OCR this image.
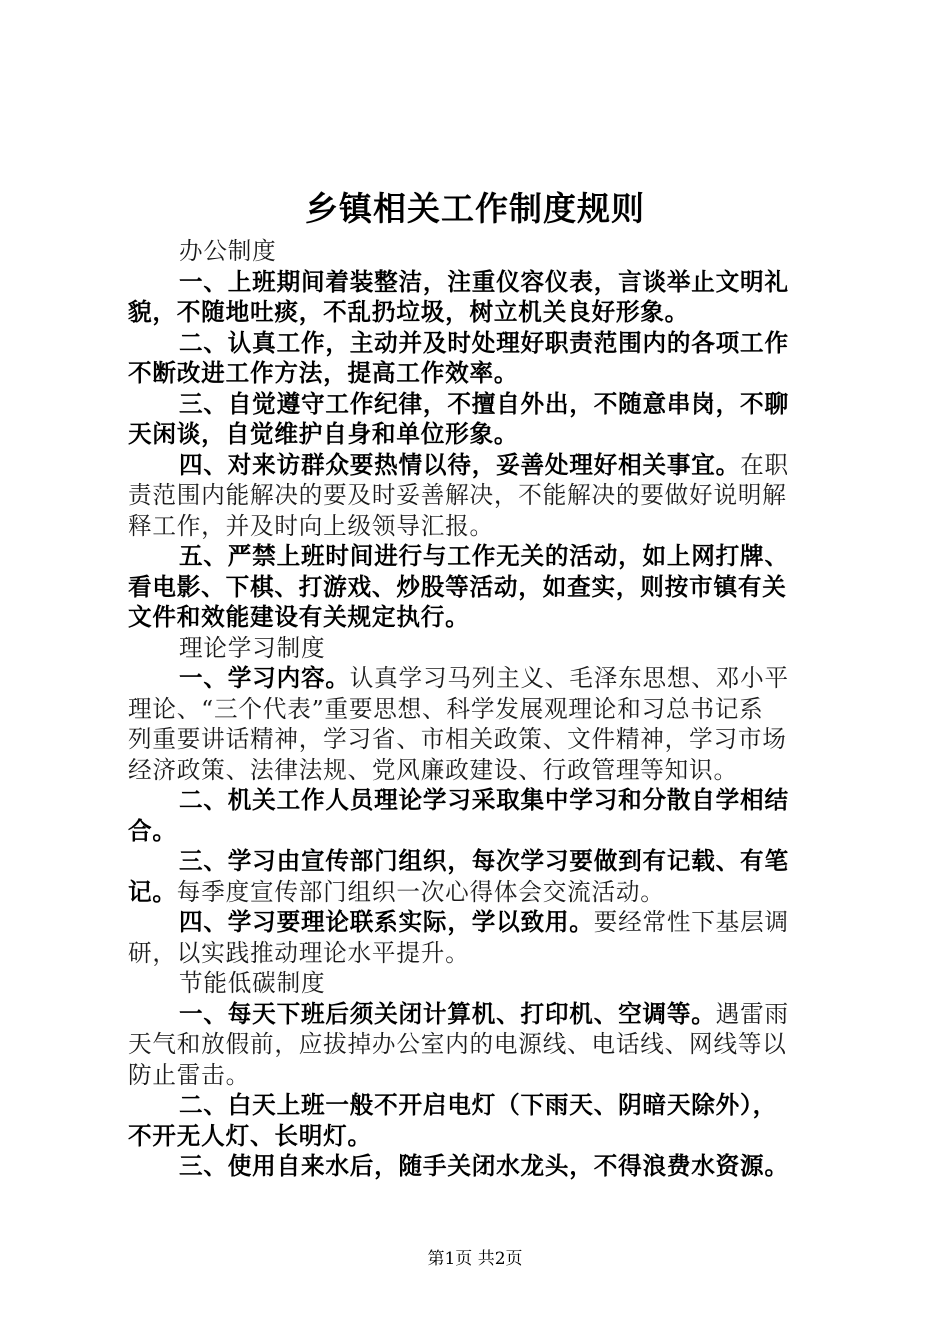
乡镇相关工作制度规则
办公制度
一、上班期间着装整洁，注重仪容仪表，言谈举止文明礼
貌，不随地吐痰，不乱扔垃圾，树立机关良好形象。
二、认真工作，主动并及时处理好职责范围内的各项工作
不断改进工作方法，提高工作效率。
三、自觉遵守工作纪律，不擅自外出，不随意串岗，不聊
天闲谈，自觉维护自身和单位形象。
四、对来访群众要热情以待，妥善处理好相关事宜。在职
责范围内能解决的要及时妥善解决，不能解决的要做好说明解
释工作，并及时向上级领导汇报。
五、严禁上班时间进行与工作无关的活动，如上网打牌、
看电影、下棋、打游戏、炒股等活动，如查实，则按市镇有关
文件和效能建设有关规定执行。
理论学习制度
一、学习内容。认真学习马列主义、毛泽东思想、邓小平
理论、“三个代表”重要思想、科学发展观理论和习总书记系
列重要讲话精神，学习省、市相关政策、文件精神，学习市场
经济政策、法律法规、党风廉政建设、行政管理等知识。
二、机关工作人员理论学习采取集中学习和分散自学相结
合。
三、学习由宣传部门组织，每次学习要做到有记载、有笔
记。每季度宣传部门组织一次心得体会交流活动。
四、学习要理论联系实际，学以致用。要经常性下基层调
研，以实践推动理论水平提升。
节能低碳制度
一、每天下班后须关闭计算机、打印机、空调等。遇雷雨
天气和放假前，应拔掉办公室内的电源线、电话线、网线等以
防止雷击。
二、白天上班一般不开启电灯（下雨天、阴暗天除外），
不开无人灯、长明灯。
三、使用自来水后，随手关闭水龙头，不得浪费水资源。
第1页 共2页
